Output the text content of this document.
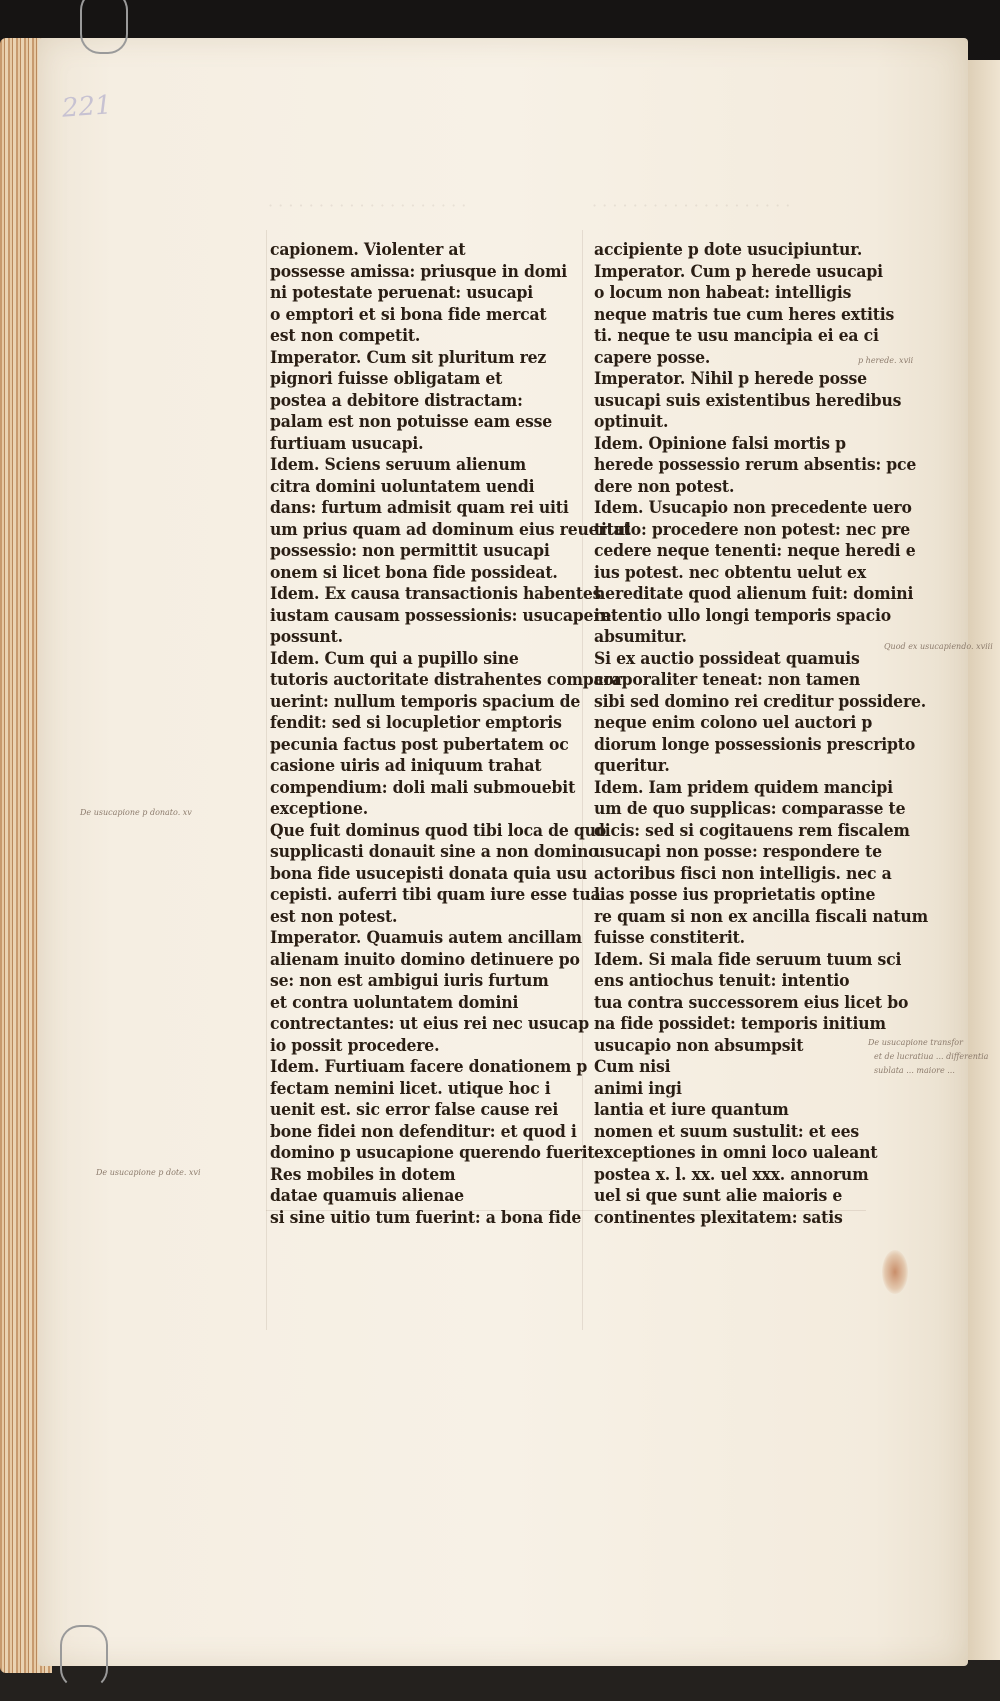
221
· · · · · · · · · · · · · · · · · · · ·	· · · · · · · · · · · · · · · · · · · ·
capionem. Violenter at
possesse amissa: priusque in domi
ni potestate peruenat: usucapi
o emptori et si bona fide mercat
est non competit.
Imperator. Cum sit pluritum rez
pignori fuisse obligatam et
postea a debitore distractam:
palam est non potuisse eam esse
furtiuam usucapi.
Idem. Sciens seruum alienum
citra domini uoluntatem uendi
dans: furtum admisit quam rei uiti
um prius quam ad dominum eius reuertat
possessio: non permittit usucapi
onem si licet bona fide possideat.
Idem. Ex causa transactionis habentes
iustam causam possessionis: usucapere
possunt.
Idem. Cum qui a pupillo sine
tutoris auctoritate distrahentes compara
uerint: nullum temporis spacium de
fendit: sed si locupletior emptoris
pecunia factus post pubertatem oc
casione uiris ad iniquum trahat
compendium: doli mali submouebit
exceptione.
Que fuit dominus quod tibi loca de quo
supplicasti donauit sine a non domino
bona fide usucepisti donata quia usu
cepisti. auferri tibi quam iure esse tua
est non potest.
Imperator. Quamuis autem ancillam
alienam inuito domino detinuere po
se: non est ambigui iuris furtum
et contra uoluntatem domini
contrectantes: ut eius rei nec usucap
io possit procedere.
Idem. Furtiuam facere donationem p
fectam nemini licet. utique hoc i
uenit est. sic error false cause rei
bone fidei non defenditur: et quod i
domino p usucapione querendo fuerit
Res mobiles in dotem
datae quamuis alienae
si sine uitio tum fuerint: a bona fide
accipiente p dote usucipiuntur.
Imperator. Cum p herede usucapi
o locum non habeat: intelligis
neque matris tue cum heres extitis
ti. neque te usu mancipia ei ea ci
capere posse.
Imperator. Nihil p herede posse
usucapi suis existentibus heredibus
optinuit.
Idem. Opinione falsi mortis p
herede possessio rerum absentis: pce
dere non potest.
Idem. Usucapio non precedente uero
titulo: procedere non potest: nec pre
cedere neque tenenti: neque heredi e
ius potest. nec obtentu uelut ex
hereditate quod alienum fuit: domini
intentio ullo longi temporis spacio
absumitur.
Si ex auctio possideat quamuis
corporaliter teneat: non tamen
sibi sed domino rei creditur possidere.
neque enim colono uel auctori p
diorum longe possessionis prescripto
queritur.
Idem. Iam pridem quidem mancipi
um de quo supplicas: comparasse te
dicis: sed si cogitauens rem fiscalem
usucapi non posse: respondere te
actoribus fisci non intelligis. nec a
lias posse ius proprietatis optine
re quam si non ex ancilla fiscali natum
fuisse constiterit.
Idem. Si mala fide seruum tuum sci
ens antiochus tenuit: intentio
tua contra successorem eius licet bo
na fide possidet: temporis initium
usucapio non absumpsit
Cum nisi
animi ingi
lantia et iure quantum
nomen et suum sustulit: et ees
exceptiones in omni loco ualeant
postea x. l. xx. uel xxx. annorum
uel si que sunt alie maioris e
continentes plexitatem: satis
De usucapione p donato. xv
De usucapione p dote. xvi
p herede. xvii
Quod ex usucapiendo. xviii
De usucapione transfor
et de lucratiua ... differentia
sublata ... maiore ...
